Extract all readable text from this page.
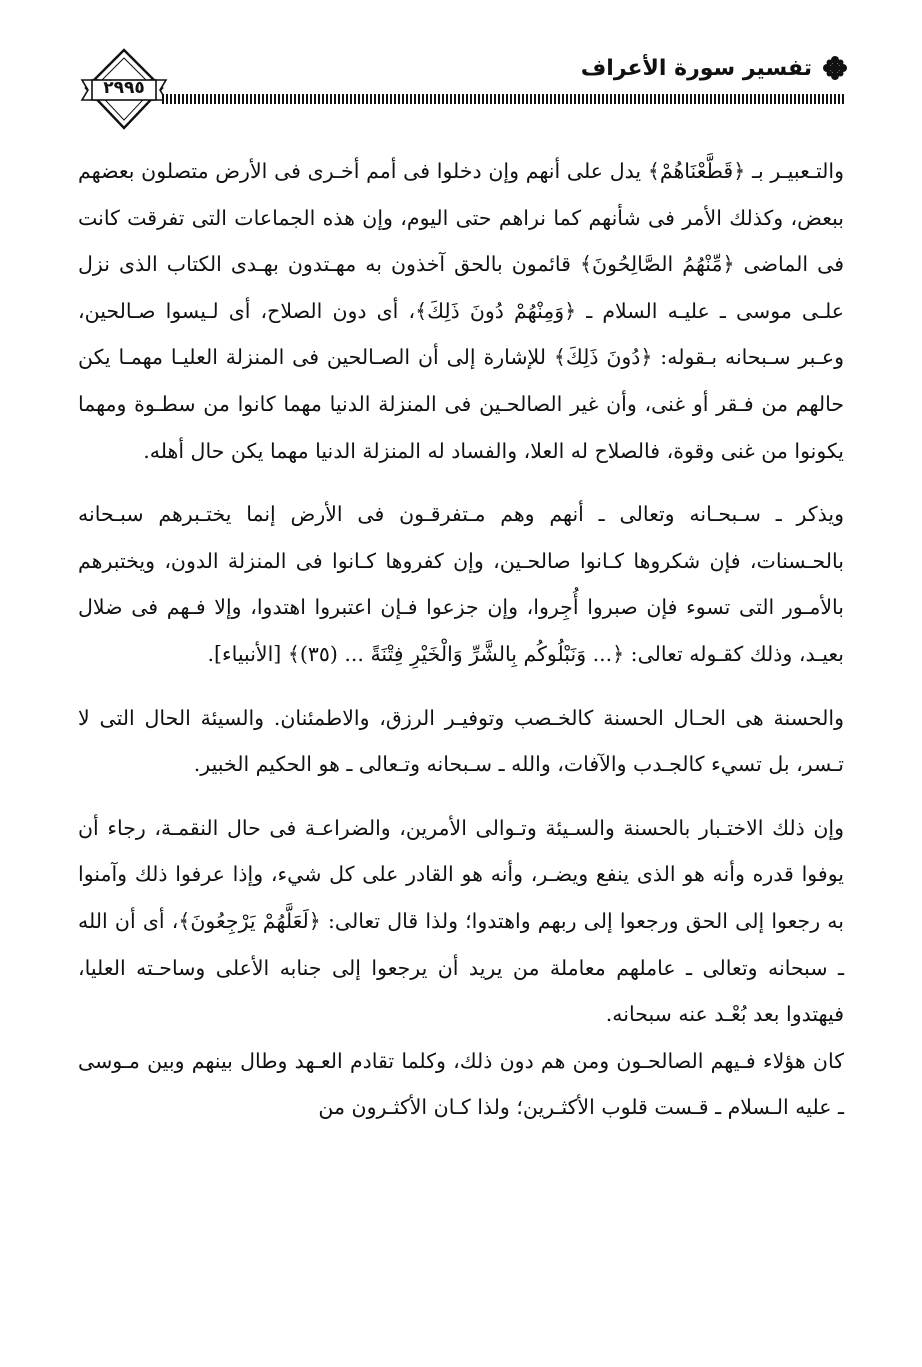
٢٩٩٥
تفسير سورة الأعراف

والتـعبيـر بـ ﴿قَطَّعْنَاهُمْ﴾ يدل على أنهم وإن دخلوا فى أمم أخـرى فى الأرض متصلون بعضهم ببعض، وكذلك الأمر فى شأنهم كما نراهم حتى اليوم، وإن هذه الجماعات التى تفرقت كانت فى الماضى ﴿مِّنْهُمُ الصَّالِحُونَ﴾ قائمون بالحق آخذون به مهـتدون بهـدى الكتاب الذى نزل علـى موسى ـ عليـه السلام ـ ﴿وَمِنْهُمْ دُونَ ذَلِكَ﴾، أى دون الصلاح، أى لـيسوا صـالحين، وعـبر سـبحانه بـقوله: ﴿دُونَ ذَلِكَ﴾ للإشارة إلى أن الصـالحين فى المنزلة العليـا مهمـا يكن حالهم من فـقر أو غنى، وأن غير الصالحـين فى المنزلة الدنيا مهما كانوا من سطـوة ومهما يكونوا من غنى وقوة، فالصلاح له العلا، والفساد له المنزلة الدنيا مهما يكن حال أهله.

ويذكر ـ سـبحـانه وتعالى ـ أنهم وهم مـتفرقـون فى الأرض إنما يختـبرهم سبـحانه بالحـسنات، فإن شكروها كـانوا صالحـين، وإن كفروها كـانوا فى المنزلة الدون، ويختبرهم بالأمـور التى تسوء فإن صبروا أُجِروا، وإن جزعوا فـإن اعتبروا اهتدوا، وإلا فـهم فى ضلال بعيـد، وذلك كقـوله تعالى: ﴿... وَنَبْلُوكُم بِالشَّرِّ وَالْخَيْرِ فِتْنَةً ... (٣٥)﴾ [الأنبياء].

والحسنة هى الحـال الحسنة كالخـصب وتوفيـر الرزق، والاطمئنان. والسيئة الحال التى لا تـسر، بل تسيء كالجـدب والآفات، والله ـ سـبحانه وتـعالى ـ هو الحكيم الخبير.

وإن ذلك الاختـبار بالحسنة والسـيئة وتـوالى الأمرين، والضراعـة فى حال النقمـة، رجاء أن يوفوا قدره وأنه هو الذى ينفع ويضـر، وأنه هو القادر على كل شيء، وإذا عرفوا ذلك وآمنوا به رجعوا إلى الحق ورجعوا إلى ربهم واهتدوا؛ ولذا قال تعالى: ﴿لَعَلَّهُمْ يَرْجِعُونَ﴾، أى أن الله ـ سبحانه وتعالى ـ عاملهم معاملة من يريد أن يرجعوا إلى جنابه الأعلى وساحـته العليا، فيهتدوا بعد بُعْـد عنه سبحانه.

كان هؤلاء فـيهم الصالحـون ومن هم دون ذلك، وكلما تقادم العـهد وطال بينهم وبين مـوسى ـ عليه الـسلام ـ قـست قلوب الأكثـرين؛ ولذا كـان الأكثـرون من
